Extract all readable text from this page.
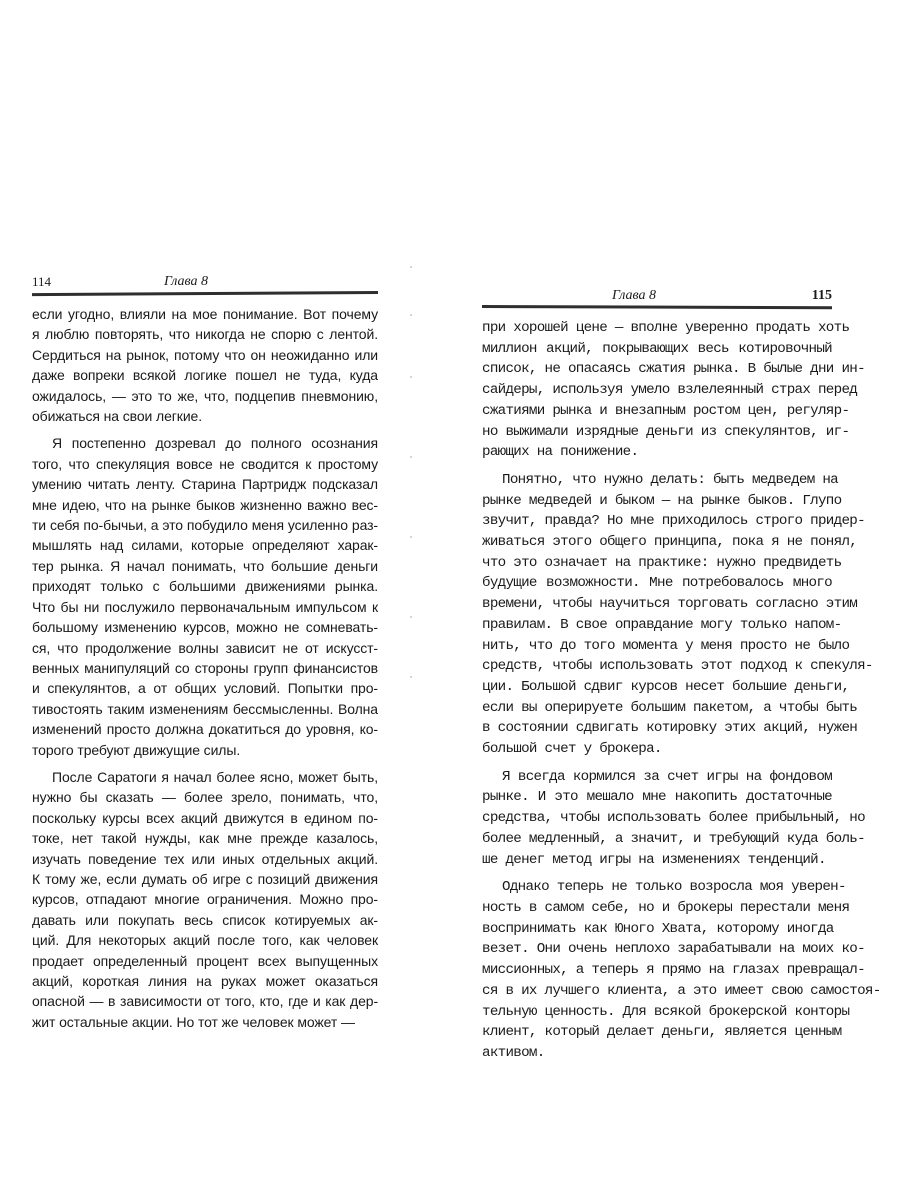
114	Глава 8
если угодно, влияли на мое понимание. Вот почему
я люблю повторять, что никогда не спорю с лентой.
Сердиться на рынок, потому что он неожиданно или
даже вопреки всякой логике пошел не туда, куда
ожидалось, — это то же, что, подцепив пневмонию,
обижаться на свои легкие.
Я постепенно дозревал до полного осознания
того, что спекуляция вовсе не сводится к простому
умению читать ленту. Старина Партридж подсказал
мне идею, что на рынке быков жизненно важно вес-
ти себя по-бычьи, а это побудило меня усиленно раз-
мышлять над силами, которые определяют харак-
тер рынка. Я начал понимать, что большие деньги
приходят только с большими движениями рынка.
Что бы ни послужило первоначальным импульсом к
большому изменению курсов, можно не сомневать-
ся, что продолжение волны зависит не от искусст-
венных манипуляций со стороны групп финансистов
и спекулянтов, а от общих условий. Попытки про-
тивостоять таким изменениям бессмысленны. Волна
изменений просто должна докатиться до уровня, ко-
торого требуют движущие силы.
После Саратоги я начал более ясно, может быть,
нужно бы сказать — более зрело, понимать, что,
поскольку курсы всех акций движутся в едином по-
токе, нет такой нужды, как мне прежде казалось,
изучать поведение тех или иных отдельных акций.
К тому же, если думать об игре с позиций движения
курсов, отпадают многие ограничения. Можно про-
давать или покупать весь список котируемых ак-
ций. Для некоторых акций после того, как человек
продает определенный процент всех выпущенных
акций, короткая линия на руках может оказаться
опасной — в зависимости от того, кто, где и как дер-
жит остальные акции. Но тот же человек может —
Глава 8	115
при хорошей цене — вполне уверенно продать хоть
миллион акций, покрывающих весь котировочный
список, не опасаясь сжатия рынка. В былые дни ин-
сайдеры, используя умело взлелеянный страх перед
сжатиями рынка и внезапным ростом цен, регуляр-
но выжимали изрядные деньги из спекулянтов, иг-
рающих на понижение.
Понятно, что нужно делать: быть медведем на
рынке медведей и быком — на рынке быков. Глупо
звучит, правда? Но мне приходилось строго придер-
живаться этого общего принципа, пока я не понял,
что это означает на практике: нужно предвидеть
будущие возможности. Мне потребовалось много
времени, чтобы научиться торговать согласно этим
правилам. В свое оправдание могу только напом-
нить, что до того момента у меня просто не было
средств, чтобы использовать этот подход к спекуля-
ции. Большой сдвиг курсов несет большие деньги,
если вы оперируете большим пакетом, а чтобы быть
в состоянии сдвигать котировку этих акций, нужен
большой счет у брокера.
Я всегда кормился за счет игры на фондовом
рынке. И это мешало мне накопить достаточные
средства, чтобы использовать более прибыльный, но
более медленный, а значит, и требующий куда боль-
ше денег метод игры на изменениях тенденций.
Однако теперь не только возросла моя уверен-
ность в самом себе, но и брокеры перестали меня
воспринимать как Юного Хвата, которому иногда
везет. Они очень неплохо зарабатывали на моих ко-
миссионных, а теперь я прямо на глазах превращал-
ся в их лучшего клиента, а это имеет свою самостоя-
тельную ценность. Для всякой брокерской конторы
клиент, который делает деньги, является ценным
активом.
